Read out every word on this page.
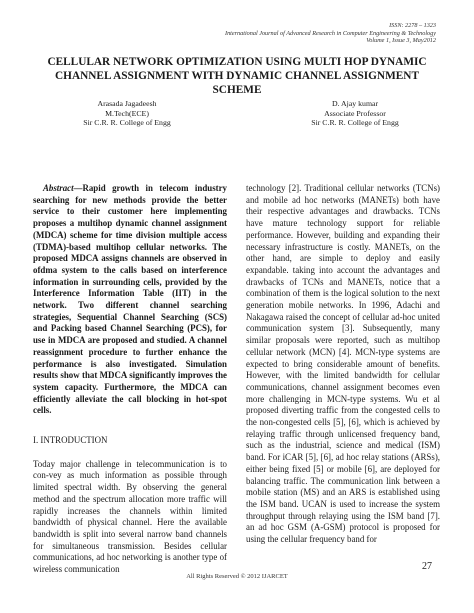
ISSN: 2278 – 1323
International Journal of Advanced Research in Computer Engineering & Technology
Volume 1, Issue 3, May2012
CELLULAR NETWORK OPTIMIZATION USING MULTI HOP DYNAMIC CHANNEL ASSIGNMENT WITH DYNAMIC CHANNEL ASSIGNMENT SCHEME
Arasada Jagadeesh
M.Tech(ECE)
Sir C.R. R. College of Engg
D. Ajay kumar
Associate Professor
Sir C.R. R. College of Engg

Abstract—Rapid growth in telecom industry searching for new methods provide the better service to their customer here implementing proposes a multihop dynamic channel assignment (MDCA) scheme for time division multiple access (TDMA)-based multihop cellular networks. The proposed MDCA assigns channels are observed in ofdma system to the calls based on interference information in surrounding cells, provided by the Interference Information Table (IIT) in the network. Two different channel searching strategies, Sequential Channel Searching (SCS) and Packing based Channel Searching (PCS), for use in MDCA are proposed and studied. A channel reassignment procedure to further enhance the performance is also investigated. Simulation results show that MDCA significantly improves the system capacity. Furthermore, the MDCA can efficiently alleviate the call blocking in hot-spot cells.

I. INTRODUCTION

Today major challenge in telecommunication is to con-vey as much information as possible through limited spectral width. By observing the general method and the spectrum allocation more traffic will rapidly increases the channels within limited bandwidth of physical channel. Here the available bandwidth is split into several narrow band channels for simultaneous transmission. Besides cellular communications, ad hoc networking is another type of wireless communication

technology [2]. Traditional cellular networks (TCNs) and mobile ad hoc networks (MANETs) both have their respective advantages and drawbacks. TCNs have mature technology support for reliable performance. However, building and expanding their necessary infrastructure is costly. MANETs, on the other hand, are simple to deploy and easily expandable. taking into account the advantages and drawbacks of TCNs and MANETs, notice that a combination of them is the logical solution to the next generation mobile networks. In 1996, Adachi and Nakagawa raised the concept of cellular ad-hoc united communication system [3]. Subsequently, many similar proposals were reported, such as multihop cellular network (MCN) [4]. MCN-type systems are expected to bring considerable amount of benefits. However, with the limited bandwidth for cellular communications, channel assignment becomes even more challenging in MCN-type systems. Wu et al proposed diverting traffic from the congested cells to the non-congested cells [5], [6], which is achieved by relaying traffic through unlicensed frequency band, such as the industrial, science and medical (ISM) band. For iCAR [5], [6], ad hoc relay stations (ARSs), either being fixed [5] or mobile [6], are deployed for balancing traffic. The communication link between a mobile station (MS) and an ARS is established using the ISM band. UCAN is used to increase the system throughput through relaying using the ISM band [7]. an ad hoc GSM (A-GSM) protocol is proposed for using the cellular frequency band for

27
All Rights Reserved © 2012 IJARCET
